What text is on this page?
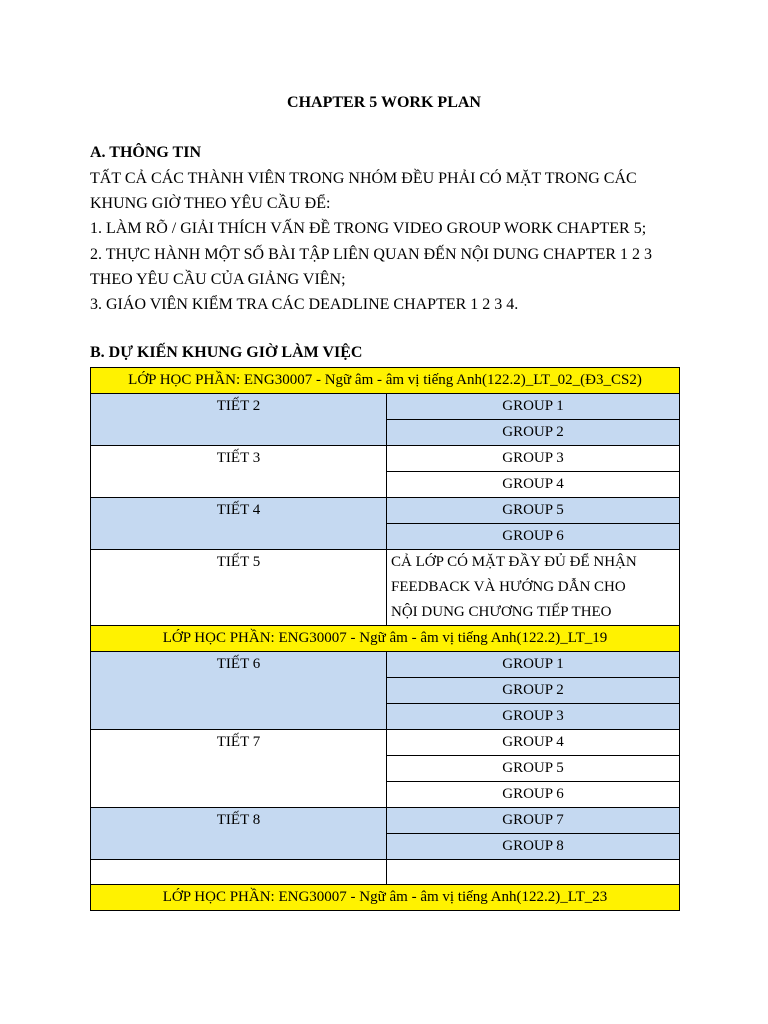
CHAPTER 5 WORK PLAN
A. THÔNG TIN
TẤT CẢ CÁC THÀNH VIÊN TRONG NHÓM ĐỀU PHẢI CÓ MẶT TRONG CÁC
KHUNG GIỜ THEO YÊU CẦU ĐỂ:
1. LÀM RÕ / GIẢI THÍCH VẤN ĐỀ TRONG VIDEO GROUP WORK CHAPTER 5;
2. THỰC HÀNH MỘT SỐ BÀI TẬP LIÊN QUAN ĐẾN NỘI DUNG CHAPTER 1 2 3
THEO YÊU CẦU CỦA GIẢNG VIÊN;
3. GIÁO VIÊN KIỂM TRA CÁC DEADLINE CHAPTER 1 2 3 4.
B. DỰ KIẾN KHUNG GIỜ LÀM VIỆC
LỚP HỌC PHẦN: ENG30007 - Ngữ âm - âm vị tiếng Anh(122.2)_LT_02_(Đ3_CS2)	
TIẾT 2	GROUP 1
	GROUP 2
TIẾT 3	GROUP 3
	GROUP 4
TIẾT 4	GROUP 5
	GROUP 6
TIẾT 5	CẢ LỚP CÓ MẶT ĐẦY ĐỦ ĐỂ NHẬN
FEEDBACK VÀ HƯỚNG DẪN CHO
NỘI DUNG CHƯƠNG TIẾP THEO

LỚP HỌC PHẦN: ENG30007 - Ngữ âm - âm vị tiếng Anh(122.2)_LT_19	
TIẾT 6	GROUP 1
	GROUP 2
	GROUP 3
TIẾT 7	GROUP 4
	GROUP 5
	GROUP 6
TIẾT 8	GROUP 7
	GROUP 8

LỚP HỌC PHẦN: ENG30007 - Ngữ âm - âm vị tiếng Anh(122.2)_LT_23	
